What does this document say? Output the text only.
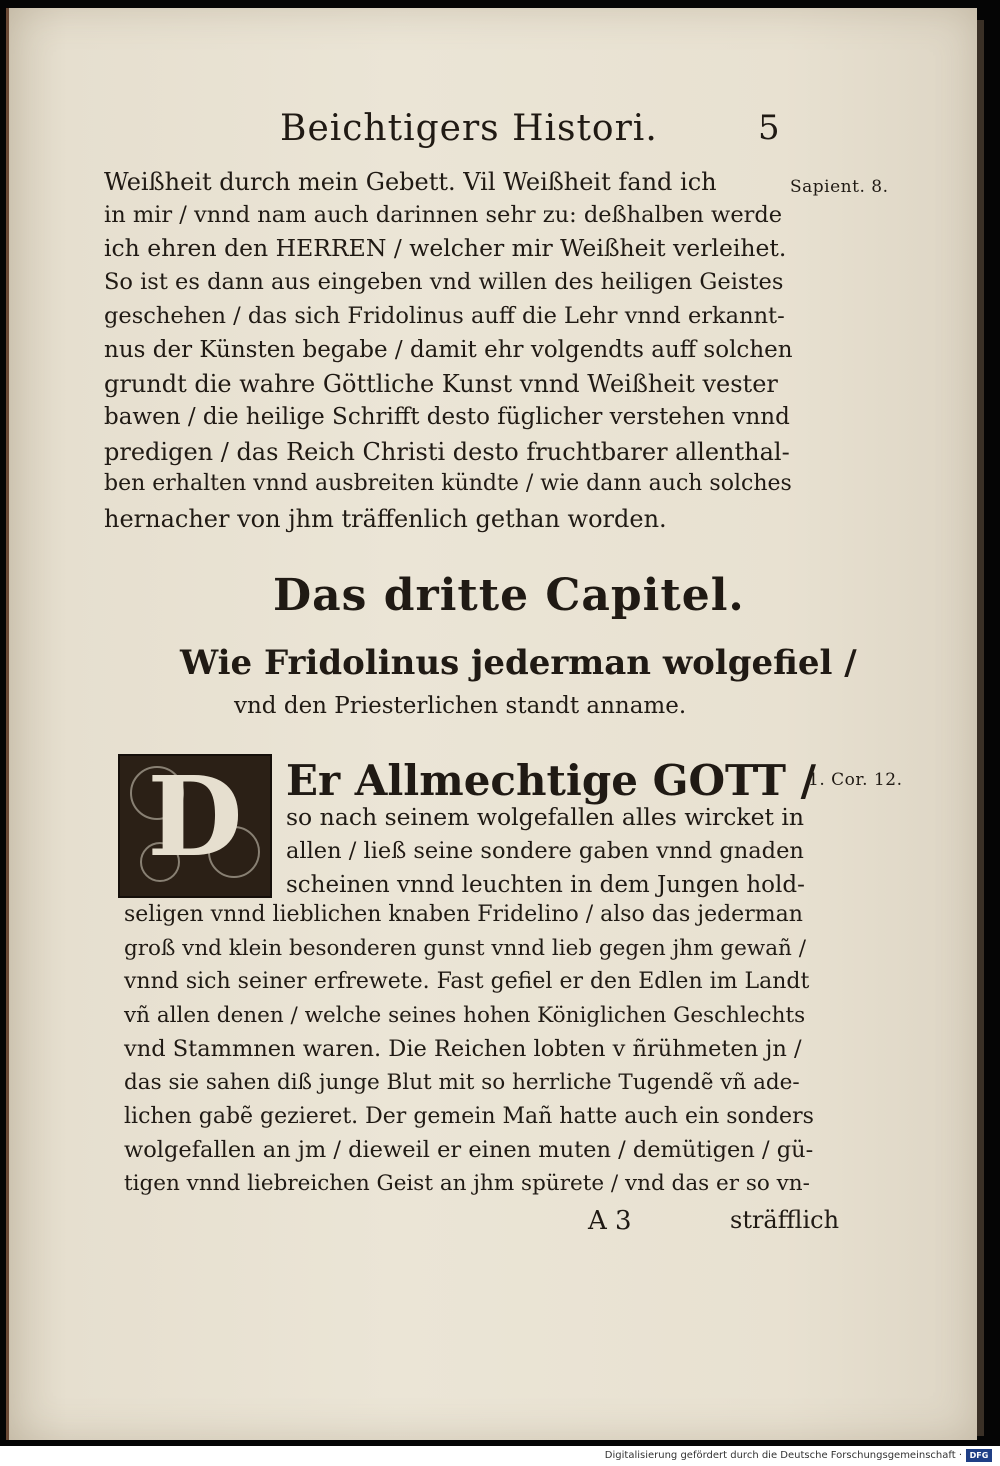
Beichtigers Histori.	5
Sapient. 8.
1. Cor. 12.
Weißheit durch mein Gebett. Vil Weißheit fand ich
in mir / vnnd nam auch darinnen sehr zu: deßhalben werde
ich ehren den HERREN / welcher mir Weißheit verleihet.
So ist es dann aus eingeben vnd willen des heiligen Geistes
geschehen / das sich Fridolinus auff die Lehr vnnd erkannt-
nus der Künsten begabe / damit ehr volgendts auff solchen
grundt die wahre Göttliche Kunst vnnd Weißheit vester
bawen / die heilige Schrifft desto füglicher verstehen vnnd
predigen / das Reich Christi desto fruchtbarer allenthal-
ben erhalten vnnd ausbreiten kündte / wie dann auch solches
hernacher von jhm träffenlich gethan worden.
Das dritte Capitel.
Wie Fridolinus jederman wolgefiel /
vnd den Priesterlichen standt anname.
D	Er Allmechtige GOTT /
so nach seinem wolgefallen alles wircket in
allen / ließ seine sondere gaben vnnd gnaden
scheinen vnnd leuchten in dem Jungen hold-
seligen vnnd lieblichen knaben Fridelino / also das jederman
groß vnd klein besonderen gunst vnnd lieb gegen jhm gewañ /
vnnd sich seiner erfrewete. Fast gefiel er den Edlen im Landt
vñ allen denen / welche seines hohen Königlichen Geschlechts
vnd Stammnen waren. Die Reichen lobten v ñrühmeten jn /
das sie sahen diß junge Blut mit so herrliche Tugendẽ vñ ade-
lichen gabẽ gezieret. Der gemein Mañ hatte auch ein sonders
wolgefallen an jm / dieweil er einen muten / demütigen / gü-
tigen vnnd liebreichen Geist an jhm spürete / vnd das er so vn-
A 3	sträfflich
Digitalisierung gefördert durch die Deutsche Forschungsgemeinschaft · DFG
